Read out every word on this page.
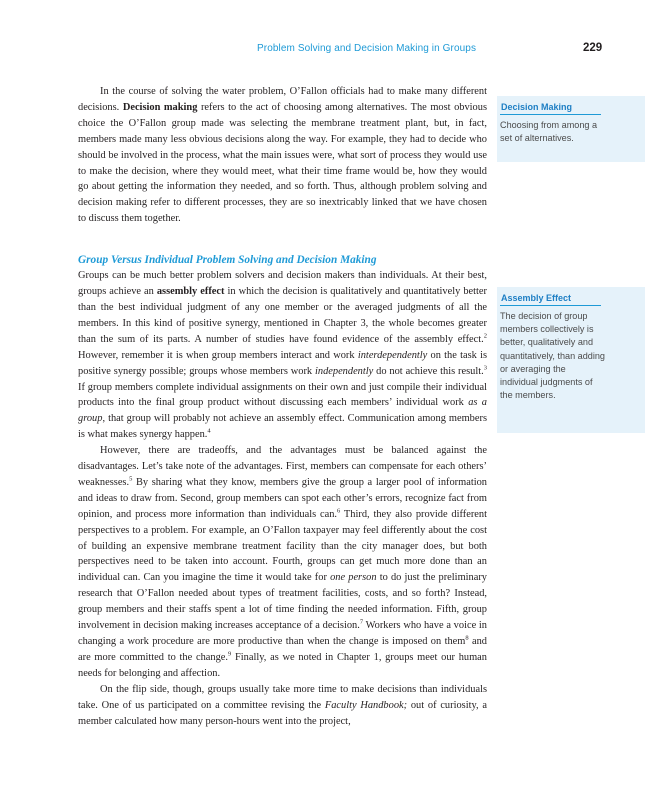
Problem Solving and Decision Making in Groups	229

In the course of solving the water problem, O’Fallon officials had to make many different decisions. Decision making refers to the act of choosing among alternatives. The most obvious choice the O’Fallon group made was selecting the membrane treatment plant, but, in fact, members made many less obvious decisions along the way. For example, they had to decide who should be involved in the process, what the main issues were, what sort of process they would use to make the decision, where they would meet, what their time frame would be, how they would go about getting the information they needed, and so forth. Thus, although problem solving and decision making refer to different processes, they are so inextricably linked that we have chosen to discuss them together.

Group Versus Individual Problem Solving and Decision Making

Groups can be much better problem solvers and decision makers than individuals. At their best, groups achieve an assembly effect in which the decision is qualitatively and quantitatively better than the best individual judgment of any one member or the averaged judgments of all the members. In this kind of positive synergy, mentioned in Chapter 3, the whole becomes greater than the sum of its parts. A number of studies have found evidence of the assembly effect.$^2$ However, remember it is when group members interact and work interdependently on the task is positive synergy possible; groups whose members work independently do not achieve this result.$^3$ If group members complete individual assignments on their own and just compile their individual products into the final group product without discussing each members’ individual work as a group, that group will probably not achieve an assembly effect. Communication among members is what makes synergy happen.$^4$

However, there are tradeoffs, and the advantages must be balanced against the disadvantages. Let’s take note of the advantages. First, members can compensate for each others’ weaknesses.$^5$ By sharing what they know, members give the group a larger pool of information and ideas to draw from. Second, group members can spot each other’s errors, recognize fact from opinion, and process more information than individuals can.$^6$ Third, they also provide different perspectives to a problem. For example, an O’Fallon taxpayer may feel differently about the cost of building an expensive membrane treatment facility than the city manager does, but both perspectives need to be taken into account. Fourth, groups can get much more done than an individual can. Can you imagine the time it would take for one person to do just the preliminary research that O’Fallon needed about types of treatment facilities, costs, and so forth? Instead, group members and their staffs spent a lot of time finding the needed information. Fifth, group involvement in decision making increases acceptance of a decision.$^7$ Workers who have a voice in changing a work procedure are more productive than when the change is imposed on them$^8$ and are more committed to the change.$^9$ Finally, as we noted in Chapter 1, groups meet our human needs for belonging and affection.

On the flip side, though, groups usually take more time to make decisions than individuals take. One of us participated on a committee revising the Faculty Handbook; out of curiosity, a member calculated how many person-hours went into the project,

Decision Making
Choosing from among a set of alternatives.
Assembly Effect
The decision of group members collectively is better, qualitatively and quantitatively, than adding or averaging the individual judgments of the members.
